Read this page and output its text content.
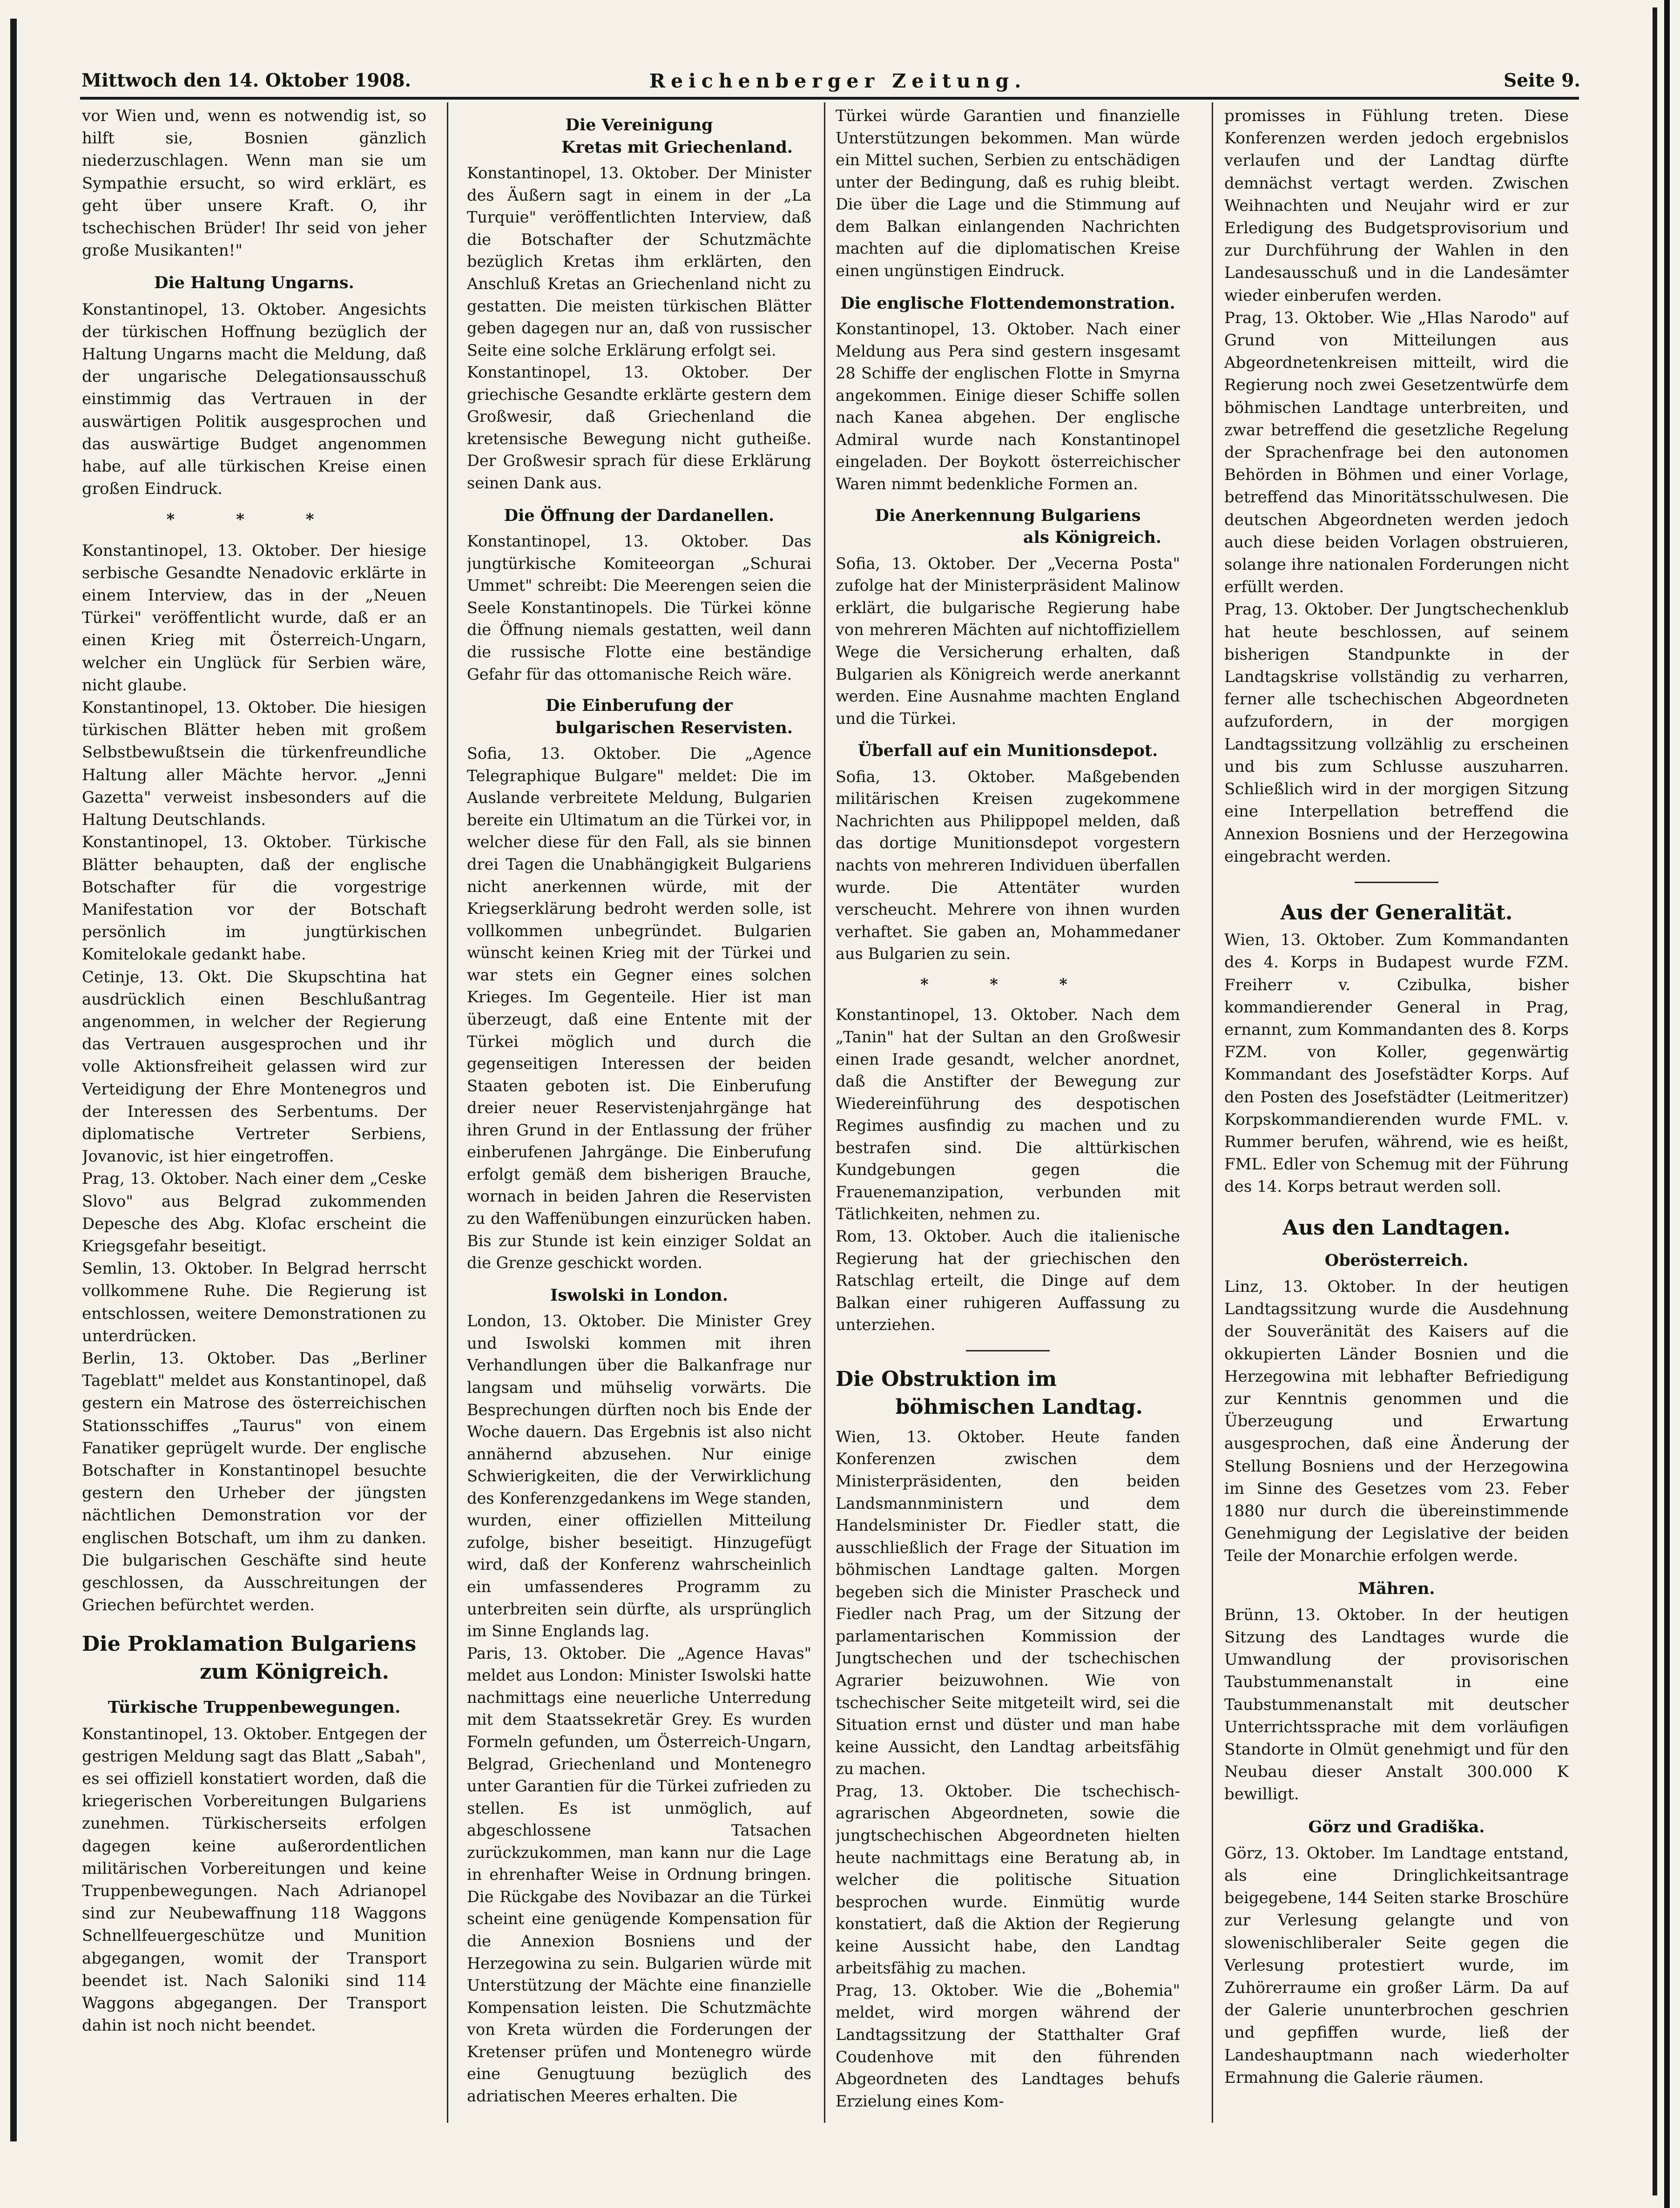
Mittwoch den 14. Oktober 1908.	Reichenberger Zeitung.	Seite 9.

vor Wien und, wenn es notwendig ist, so hilft sie, Bosnien gänzlich niederzuschlagen. Wenn man sie um Sympathie ersucht, so wird erklärt, es geht über unsere Kraft. O, ihr tschechischen Brüder! Ihr seid von jeher große Musikanten!"

Die Haltung Ungarns.

Konstantinopel, 13. Oktober. Angesichts der türkischen Hoffnung bezüglich der Haltung Ungarns macht die Meldung, daß der ungarische Delegationsausschuß einstimmig das Vertrauen in der auswärtigen Politik ausgesprochen und das auswärtige Budget angenommen habe, auf alle türkischen Kreise einen großen Eindruck.

* * *

Konstantinopel, 13. Oktober. Der hiesige serbische Gesandte Nenadovic erklärte in einem Interview, das in der „Neuen Türkei" veröffentlicht wurde, daß er an einen Krieg mit Österreich-Ungarn, welcher ein Unglück für Serbien wäre, nicht glaube.

Konstantinopel, 13. Oktober. Die hiesigen türkischen Blätter heben mit großem Selbstbewußtsein die türkenfreundliche Haltung aller Mächte hervor. „Jenni Gazetta" verweist insbesonders auf die Haltung Deutschlands.

Konstantinopel, 13. Oktober. Türkische Blätter behaupten, daß der englische Botschafter für die vorgestrige Manifestation vor der Botschaft persönlich im jungtürkischen Komitelokale gedankt habe.

Cetinje, 13. Okt. Die Skupschtina hat ausdrücklich einen Beschlußantrag angenommen, in welcher der Regierung das Vertrauen ausgesprochen und ihr volle Aktionsfreiheit gelassen wird zur Verteidigung der Ehre Montenegros und der Interessen des Serbentums. Der diplomatische Vertreter Serbiens, Jovanovic, ist hier eingetroffen.

Prag, 13. Oktober. Nach einer dem „Ceske Slovo" aus Belgrad zukommenden Depesche des Abg. Klofac erscheint die Kriegsgefahr beseitigt.

Semlin, 13. Oktober. In Belgrad herrscht vollkommene Ruhe. Die Regierung ist entschlossen, weitere Demonstrationen zu unterdrücken.

Berlin, 13. Oktober. Das „Berliner Tageblatt" meldet aus Konstantinopel, daß gestern ein Matrose des österreichischen Stationsschiffes „Taurus" von einem Fanatiker geprügelt wurde. Der englische Botschafter in Konstantinopel besuchte gestern den Urheber der jüngsten nächtlichen Demonstration vor der englischen Botschaft, um ihm zu danken. Die bulgarischen Geschäfte sind heute geschlossen, da Ausschreitungen der Griechen befürchtet werden.

Die Proklamation Bulgariens
zum Königreich.
Türkische Truppenbewegungen.

Konstantinopel, 13. Oktober. Entgegen der gestrigen Meldung sagt das Blatt „Sabah", es sei offiziell konstatiert worden, daß die kriegerischen Vorbereitungen Bulgariens zunehmen. Türkischerseits erfolgen dagegen keine außerordentlichen militärischen Vorbereitungen und keine Truppenbewegungen. Nach Adrianopel sind zur Neubewaffnung 118 Waggons Schnellfeuergeschütze und Munition abgegangen, womit der Transport beendet ist. Nach Saloniki sind 114 Waggons abgegangen. Der Transport dahin ist noch nicht beendet.

Die Vereinigung
Kretas mit Griechenland.

Konstantinopel, 13. Oktober. Der Minister des Äußern sagt in einem in der „La Turquie" veröffentlichten Interview, daß die Botschafter der Schutzmächte bezüglich Kretas ihm erklärten, den Anschluß Kretas an Griechenland nicht zu gestatten. Die meisten türkischen Blätter geben dagegen nur an, daß von russischer Seite eine solche Erklärung erfolgt sei.

Konstantinopel, 13. Oktober. Der griechische Gesandte erklärte gestern dem Großwesir, daß Griechenland die kretensische Bewegung nicht gutheiße. Der Großwesir sprach für diese Erklärung seinen Dank aus.

Die Öffnung der Dardanellen.

Konstantinopel, 13. Oktober. Das jungtürkische Komiteeorgan „Schurai Ummet" schreibt: Die Meerengen seien die Seele Konstantinopels. Die Türkei könne die Öffnung niemals gestatten, weil dann die russische Flotte eine beständige Gefahr für das ottomanische Reich wäre.

Die Einberufung der
bulgarischen Reservisten.

Sofia, 13. Oktober. Die „Agence Telegraphique Bulgare" meldet: Die im Auslande verbreitete Meldung, Bulgarien bereite ein Ultimatum an die Türkei vor, in welcher diese für den Fall, als sie binnen drei Tagen die Unabhängigkeit Bulgariens nicht anerkennen würde, mit der Kriegserklärung bedroht werden solle, ist vollkommen unbegründet. Bulgarien wünscht keinen Krieg mit der Türkei und war stets ein Gegner eines solchen Krieges. Im Gegenteile. Hier ist man überzeugt, daß eine Entente mit der Türkei möglich und durch die gegenseitigen Interessen der beiden Staaten geboten ist. Die Einberufung dreier neuer Reservistenjahrgänge hat ihren Grund in der Entlassung der früher einberufenen Jahrgänge. Die Einberufung erfolgt gemäß dem bisherigen Brauche, wornach in beiden Jahren die Reservisten zu den Waffenübungen einzurücken haben. Bis zur Stunde ist kein einziger Soldat an die Grenze geschickt worden.

Iswolski in London.

London, 13. Oktober. Die Minister Grey und Iswolski kommen mit ihren Verhandlungen über die Balkanfrage nur langsam und mühselig vorwärts. Die Besprechungen dürften noch bis Ende der Woche dauern. Das Ergebnis ist also nicht annähernd abzusehen. Nur einige Schwierigkeiten, die der Verwirklichung des Konferenzgedankens im Wege standen, wurden, einer offiziellen Mitteilung zufolge, bisher beseitigt. Hinzugefügt wird, daß der Konferenz wahrscheinlich ein umfassenderes Programm zu unterbreiten sein dürfte, als ursprünglich im Sinne Englands lag.

Paris, 13. Oktober. Die „Agence Havas" meldet aus London: Minister Iswolski hatte nachmittags eine neuerliche Unterredung mit dem Staatssekretär Grey. Es wurden Formeln gefunden, um Österreich-Ungarn, Belgrad, Griechenland und Montenegro unter Garantien für die Türkei zufrieden zu stellen. Es ist unmöglich, auf abgeschlossene Tatsachen zurückzukommen, man kann nur die Lage in ehrenhafter Weise in Ordnung bringen. Die Rückgabe des Novibazar an die Türkei scheint eine genügende Kompensation für die Annexion Bosniens und der Herzegowina zu sein. Bulgarien würde mit Unterstützung der Mächte eine finanzielle Kompensation leisten. Die Schutzmächte von Kreta würden die Forderungen der Kretenser prüfen und Montenegro würde eine Genugtuung bezüglich des adriatischen Meeres erhalten. Die

Türkei würde Garantien und finanzielle Unterstützungen bekommen. Man würde ein Mittel suchen, Serbien zu entschädigen unter der Bedingung, daß es ruhig bleibt. Die über die Lage und die Stimmung auf dem Balkan einlangenden Nachrichten machten auf die diplomatischen Kreise einen ungünstigen Eindruck.

Die englische Flottendemonstration.

Konstantinopel, 13. Oktober. Nach einer Meldung aus Pera sind gestern insgesamt 28 Schiffe der englischen Flotte in Smyrna angekommen. Einige dieser Schiffe sollen nach Kanea abgehen. Der englische Admiral wurde nach Konstantinopel eingeladen. Der Boykott österreichischer Waren nimmt bedenkliche Formen an.

Die Anerkennung Bulgariens
als Königreich.

Sofia, 13. Oktober. Der „Vecerna Posta" zufolge hat der Ministerpräsident Malinow erklärt, die bulgarische Regierung habe von mehreren Mächten auf nichtoffiziellem Wege die Versicherung erhalten, daß Bulgarien als Königreich werde anerkannt werden. Eine Ausnahme machten England und die Türkei.

Überfall auf ein Munitionsdepot.

Sofia, 13. Oktober. Maßgebenden militärischen Kreisen zugekommene Nachrichten aus Philippopel melden, daß das dortige Munitionsdepot vorgestern nachts von mehreren Individuen überfallen wurde. Die Attentäter wurden verscheucht. Mehrere von ihnen wurden verhaftet. Sie gaben an, Mohammedaner aus Bulgarien zu sein.

* * *

Konstantinopel, 13. Oktober. Nach dem „Tanin" hat der Sultan an den Großwesir einen Irade gesandt, welcher anordnet, daß die Anstifter der Bewegung zur Wiedereinführung des despotischen Regimes ausfindig zu machen und zu bestrafen sind. Die alttürkischen Kundgebungen gegen die Frauenemanzipation, verbunden mit Tätlichkeiten, nehmen zu.

Rom, 13. Oktober. Auch die italienische Regierung hat der griechischen den Ratschlag erteilt, die Dinge auf dem Balkan einer ruhigeren Auffassung zu unterziehen.

Die Obstruktion im
böhmischen Landtag.

Wien, 13. Oktober. Heute fanden Konferenzen zwischen dem Ministerpräsidenten, den beiden Landsmannministern und dem Handelsminister Dr. Fiedler statt, die ausschließlich der Frage der Situation im böhmischen Landtage galten. Morgen begeben sich die Minister Prascheck und Fiedler nach Prag, um der Sitzung der parlamentarischen Kommission der Jungtschechen und der tschechischen Agrarier beizuwohnen. Wie von tschechischer Seite mitgeteilt wird, sei die Situation ernst und düster und man habe keine Aussicht, den Landtag arbeitsfähig zu machen.

Prag, 13. Oktober. Die tschechisch-agrarischen Abgeordneten, sowie die jungtschechischen Abgeordneten hielten heute nachmittags eine Beratung ab, in welcher die politische Situation besprochen wurde. Einmütig wurde konstatiert, daß die Aktion der Regierung keine Aussicht habe, den Landtag arbeitsfähig zu machen.

Prag, 13. Oktober. Wie die „Bohemia" meldet, wird morgen während der Landtagssitzung der Statthalter Graf Coudenhove mit den führenden Abgeordneten des Landtages behufs Erzielung eines Kom-

promisses in Fühlung treten. Diese Konferenzen werden jedoch ergebnislos verlaufen und der Landtag dürfte demnächst vertagt werden. Zwischen Weihnachten und Neujahr wird er zur Erledigung des Budgetsprovisorium und zur Durchführung der Wahlen in den Landesausschuß und in die Landesämter wieder einberufen werden.

Prag, 13. Oktober. Wie „Hlas Narodo" auf Grund von Mitteilungen aus Abgeordnetenkreisen mitteilt, wird die Regierung noch zwei Gesetzentwürfe dem böhmischen Landtage unterbreiten, und zwar betreffend die gesetzliche Regelung der Sprachenfrage bei den autonomen Behörden in Böhmen und einer Vorlage, betreffend das Minoritätsschulwesen. Die deutschen Abgeordneten werden jedoch auch diese beiden Vorlagen obstruieren, solange ihre nationalen Forderungen nicht erfüllt werden.

Prag, 13. Oktober. Der Jungtschechenklub hat heute beschlossen, auf seinem bisherigen Standpunkte in der Landtagskrise vollständig zu verharren, ferner alle tschechischen Abgeordneten aufzufordern, in der morgigen Landtagssitzung vollzählig zu erscheinen und bis zum Schlusse auszuharren. Schließlich wird in der morgigen Sitzung eine Interpellation betreffend die Annexion Bosniens und der Herzegowina eingebracht werden.

Aus der Generalität.

Wien, 13. Oktober. Zum Kommandanten des 4. Korps in Budapest wurde FZM. Freiherr v. Czibulka, bisher kommandierender General in Prag, ernannt, zum Kommandanten des 8. Korps FZM. von Koller, gegenwärtig Kommandant des Josefstädter Korps. Auf den Posten des Josefstädter (Leitmeritzer) Korpskommandierenden wurde FML. v. Rummer berufen, während, wie es heißt, FML. Edler von Schemug mit der Führung des 14. Korps betraut werden soll.

Aus den Landtagen.
Oberösterreich.

Linz, 13. Oktober. In der heutigen Landtagssitzung wurde die Ausdehnung der Souveränität des Kaisers auf die okkupierten Länder Bosnien und die Herzegowina mit lebhafter Befriedigung zur Kenntnis genommen und die Überzeugung und Erwartung ausgesprochen, daß eine Änderung der Stellung Bosniens und der Herzegowina im Sinne des Gesetzes vom 23. Feber 1880 nur durch die übereinstimmende Genehmigung der Legislative der beiden Teile der Monarchie erfolgen werde.

Mähren.

Brünn, 13. Oktober. In der heutigen Sitzung des Landtages wurde die Umwandlung der provisorischen Taubstummenanstalt in eine Taubstummenanstalt mit deutscher Unterrichtssprache mit dem vorläufigen Standorte in Olmüt genehmigt und für den Neubau dieser Anstalt 300.000 K bewilligt.

Görz und Gradiška.

Görz, 13. Oktober. Im Landtage entstand, als eine Dringlichkeitsantrage beigegebene, 144 Seiten starke Broschüre zur Verlesung gelangte und von slowenischliberaler Seite gegen die Verlesung protestiert wurde, im Zuhörerraume ein großer Lärm. Da auf der Galerie ununterbrochen geschrien und gepfiffen wurde, ließ der Landeshauptmann nach wiederholter Ermahnung die Galerie räumen.
